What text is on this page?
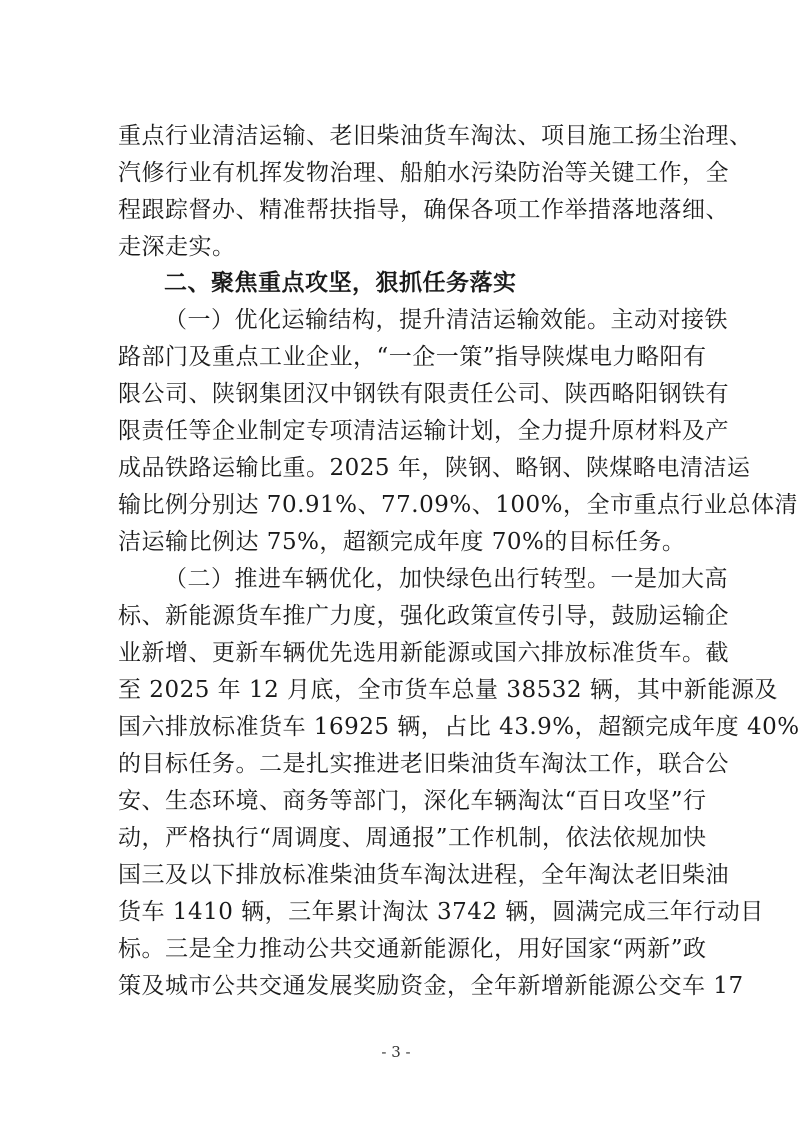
重点行业清洁运输、老旧柴油货车淘汰、项目施工扬尘治理、
汽修行业有机挥发物治理、船舶水污染防治等关键工作，全
程跟踪督办、精准帮扶指导，确保各项工作举措落地落细、
走深走实。
二、聚焦重点攻坚，狠抓任务落实
（一）优化运输结构，提升清洁运输效能。主动对接铁
路部门及重点工业企业，“一企一策”指导陕煤电力略阳有
限公司、陕钢集团汉中钢铁有限责任公司、陕西略阳钢铁有
限责任等企业制定专项清洁运输计划，全力提升原材料及产
成品铁路运输比重。2025 年，陕钢、略钢、陕煤略电清洁运
输比例分别达 70.91%、77.09%、100%，全市重点行业总体清
洁运输比例达 75%，超额完成年度 70%的目标任务。
（二）推进车辆优化，加快绿色出行转型。一是加大高
标、新能源货车推广力度，强化政策宣传引导，鼓励运输企
业新增、更新车辆优先选用新能源或国六排放标准货车。截
至 2025 年 12 月底，全市货车总量 38532 辆，其中新能源及
国六排放标准货车 16925 辆，占比 43.9%，超额完成年度 40%
的目标任务。二是扎实推进老旧柴油货车淘汰工作，联合公
安、生态环境、商务等部门，深化车辆淘汰“百日攻坚”行
动，严格执行“周调度、周通报”工作机制，依法依规加快
国三及以下排放标准柴油货车淘汰进程，全年淘汰老旧柴油
货车 1410 辆，三年累计淘汰 3742 辆，圆满完成三年行动目
标。三是全力推动公共交通新能源化，用好国家“两新”政
策及城市公共交通发展奖励资金，全年新增新能源公交车 17
- 3 -
